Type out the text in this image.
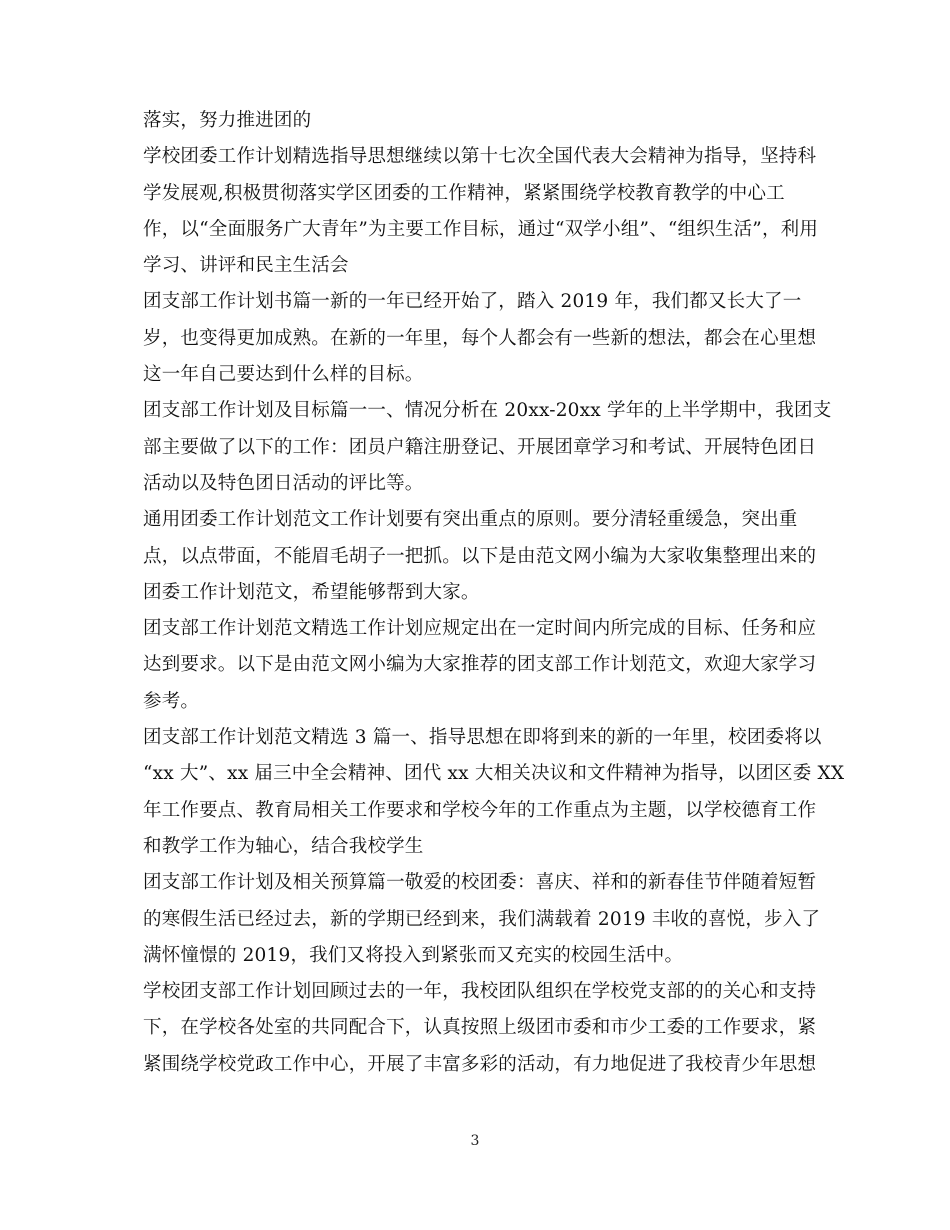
落实，努力推进团的
学校团委工作计划精选指导思想继续以第十七次全国代表大会精神为指导，坚持科
学发展观,积极贯彻落实学区团委的工作精神，紧紧围绕学校教育教学的中心工
作，以“全面服务广大青年”为主要工作目标，通过“双学小组”、“组织生活”，利用
学习、讲评和民主生活会
团支部工作计划书篇一新的一年已经开始了，踏入 2019 年，我们都又长大了一
岁，也变得更加成熟。在新的一年里，每个人都会有一些新的想法，都会在心里想
这一年自己要达到什么样的目标。
团支部工作计划及目标篇一一、情况分析在 20xx-20xx 学年的上半学期中，我团支
部主要做了以下的工作：团员户籍注册登记、开展团章学习和考试、开展特色团日
活动以及特色团日活动的评比等。
通用团委工作计划范文工作计划要有突出重点的原则。要分清轻重缓急，突出重
点，以点带面，不能眉毛胡子一把抓。以下是由范文网小编为大家收集整理出来的
团委工作计划范文，希望能够帮到大家。
团支部工作计划范文精选工作计划应规定出在一定时间内所完成的目标、任务和应
达到要求。以下是由范文网小编为大家推荐的团支部工作计划范文，欢迎大家学习
参考。
团支部工作计划范文精选 3 篇一、指导思想在即将到来的新的一年里，校团委将以
“xx 大”、xx 届三中全会精神、团代 xx 大相关决议和文件精神为指导，以团区委 XX
年工作要点、教育局相关工作要求和学校今年的工作重点为主题，以学校德育工作
和教学工作为轴心，结合我校学生
团支部工作计划及相关预算篇一敬爱的校团委：喜庆、祥和的新春佳节伴随着短暂
的寒假生活已经过去，新的学期已经到来，我们满载着 2019 丰收的喜悦，步入了
满怀憧憬的 2019，我们又将投入到紧张而又充实的校园生活中。
学校团支部工作计划回顾过去的一年，我校团队组织在学校党支部的的关心和支持
下，在学校各处室的共同配合下，认真按照上级团市委和市少工委的工作要求，紧
紧围绕学校党政工作中心，开展了丰富多彩的活动，有力地促进了我校青少年思想
3
